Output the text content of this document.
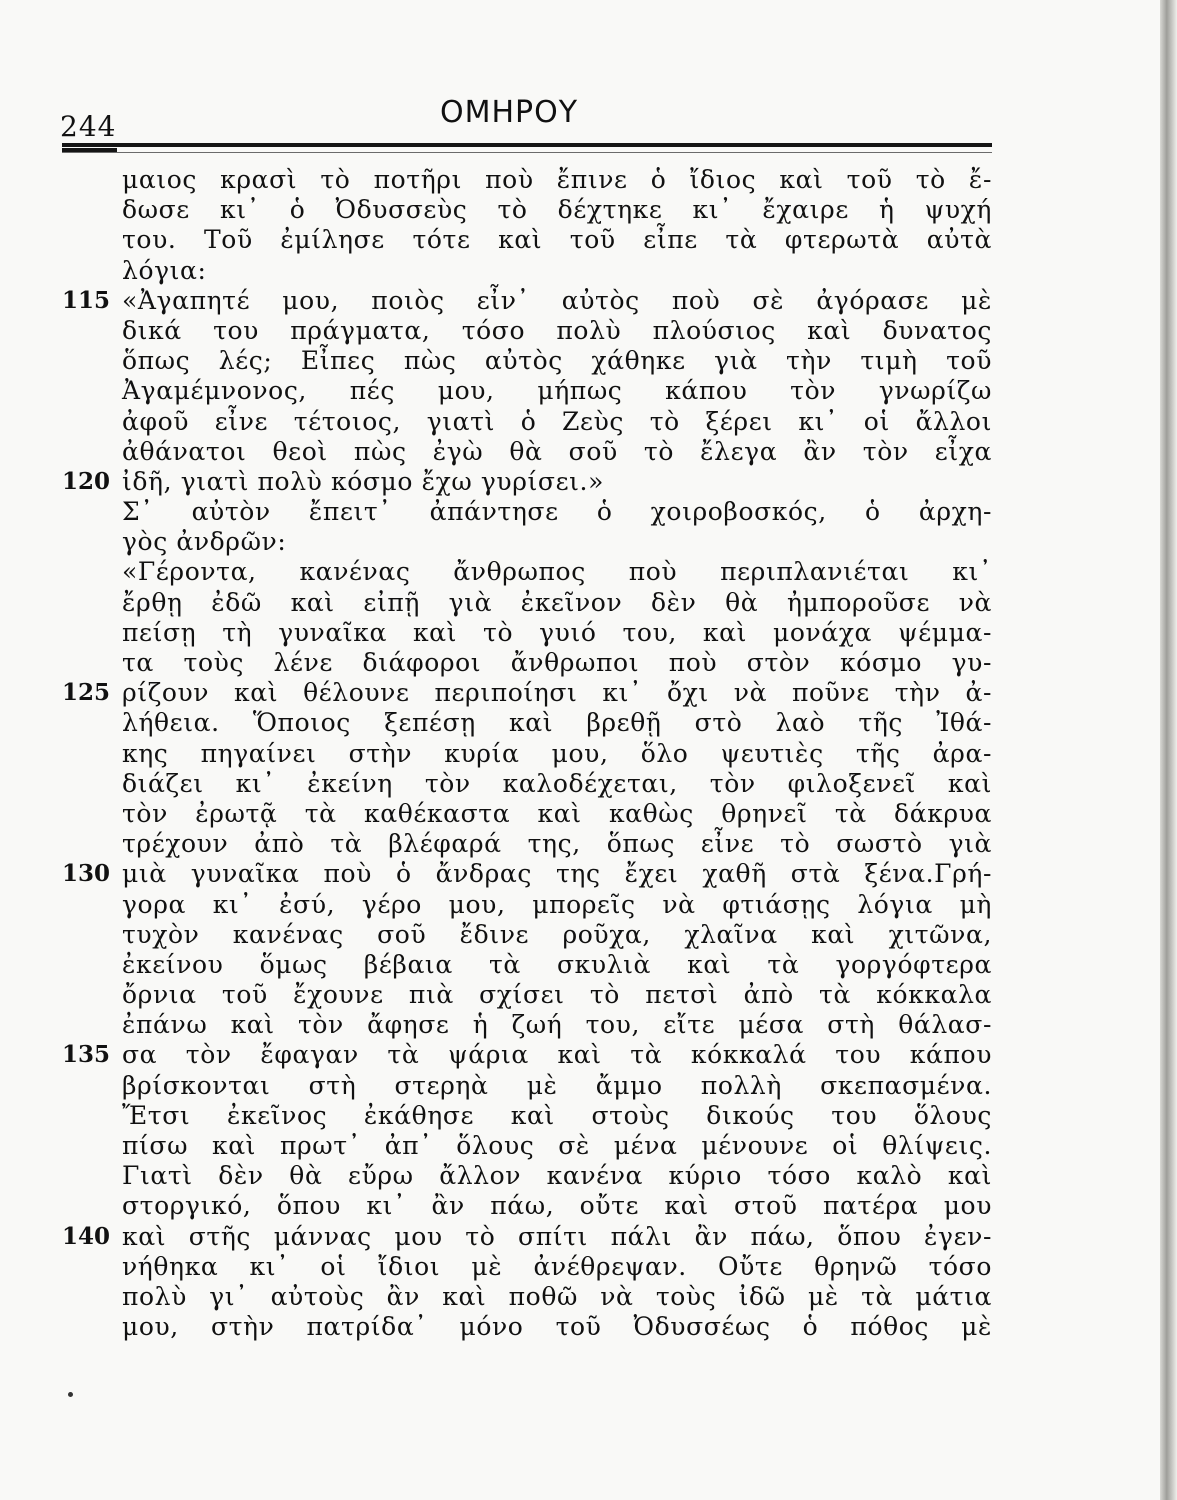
244	ΟΜΗΡΟΥ
μαιος κρασὶ τὸ ποτῆρι ποὺ ἔπινε ὁ ἴδιος καὶ τοῦ τὸ ἔ-
δωσε κι᾽ ὁ Ὀδυσσεὺς τὸ δέχτηκε κι᾽ ἔχαιρε ἡ ψυχή
του. Τοῦ ἐμίλησε τότε καὶ τοῦ εἶπε τὰ φτερωτὰ αὐτὰ
λόγια:
115 «Ἀγαπητέ μου, ποιὸς εἶν᾽ αὐτὸς ποὺ σὲ ἀγόρασε μὲ
δικά του πράγματα, τόσο πολὺ πλούσιος καὶ δυνατος
ὅπως λές; Εἶπες πὼς αὐτὸς χάθηκε γιὰ τὴν τιμὴ τοῦ
Ἀγαμέμνονος, πές μου, μήπως κάπου τὸν γνωρίζω
ἀφοῦ εἶνε τέτοιος, γιατὶ ὁ Ζεὺς τὸ ξέρει κι᾽ οἱ ἄλλοι
ἀθάνατοι θεοὶ πὼς ἐγὼ θὰ σοῦ τὸ ἔλεγα ἂν τὸν εἶχα
120 ἰδῆ, γιατὶ πολὺ κόσμο ἔχω γυρίσει.»
Σ᾽ αὐτὸν ἔπειτ᾽ ἀπάντησε ὁ χοιροβοσκός, ὁ ἀρχη-
γὸς ἀνδρῶν:
«Γέροντα, κανένας ἄνθρωπος ποὺ περιπλανιέται κι᾽
ἔρθῃ ἐδῶ καὶ εἰπῇ γιὰ ἐκεῖνον δὲν θὰ ἠμποροῦσε νὰ
πείσῃ τὴ γυναῖκα καὶ τὸ γυιό του, καὶ μονάχα ψέμμα-
τα τοὺς λένε διάφοροι ἄνθρωποι ποὺ στὸν κόσμο γυ-
125 ρίζουν καὶ θέλουνε περιποίησι κι᾽ ὄχι νὰ ποῦνε τὴν ἀ-
λήθεια. Ὅποιος ξεπέσῃ καὶ βρεθῇ στὸ λαὸ τῆς Ἰθά-
κης πηγαίνει στὴν κυρία μου, ὅλο ψευτιὲς τῆς ἀρα-
διάζει κι᾽ ἐκείνη τὸν καλοδέχεται, τὸν φιλοξενεῖ καὶ
τὸν ἐρωτᾷ τὰ καθέκαστα καὶ καθὼς θρηνεῖ τὰ δάκρυα
τρέχουν ἀπὸ τὰ βλέφαρά της, ὅπως εἶνε τὸ σωστὸ γιὰ
130 μιὰ γυναῖκα ποὺ ὁ ἄνδρας της ἔχει χαθῆ στὰ ξένα.Γρή-
γορα κι᾽ ἐσύ, γέρο μου, μπορεῖς νὰ φτιάσῃς λόγια μὴ
τυχὸν κανένας σοῦ ἔδινε ροῦχα, χλαῖνα καὶ χιτῶνα,
ἐκείνου ὅμως βέβαια τὰ σκυλιὰ καὶ τὰ γοργόφτερα
ὄρνια τοῦ ἔχουνε πιὰ σχίσει τὸ πετσὶ ἀπὸ τὰ κόκκαλα
ἐπάνω καὶ τὸν ἄφησε ἡ ζωή του, εἴτε μέσα στὴ θάλασ-
135 σα τὸν ἔφαγαν τὰ ψάρια καὶ τὰ κόκκαλά του κάπου
βρίσκονται στὴ στερηὰ μὲ ἄμμο πολλὴ σκεπασμένα.
Ἔτσι ἐκεῖνος ἐκάθησε καὶ στοὺς δικούς του ὅλους
πίσω καὶ πρωτ᾽ ἀπ᾽ ὅλους σὲ μένα μένουνε οἱ θλίψεις.
Γιατὶ δὲν θὰ εὔρω ἄλλον κανένα κύριο τόσο καλὸ καὶ
στοργικό, ὅπου κι᾽ ἂν πάω, οὔτε καὶ στοῦ πατέρα μου
140 καὶ στῆς μάννας μου τὸ σπίτι πάλι ἂν πάω, ὅπου ἐγεν-
νήθηκα κι᾽ οἱ ἴδιοι μὲ ἀνέθρεψαν. Οὔτε θρηνῶ τόσο
πολὺ γι᾽ αὐτοὺς ἂν καὶ ποθῶ νὰ τοὺς ἰδῶ μὲ τὰ μάτια
μου, στὴν πατρίδα᾽ μόνο τοῦ Ὀδυσσέως ὁ πόθος μὲ
